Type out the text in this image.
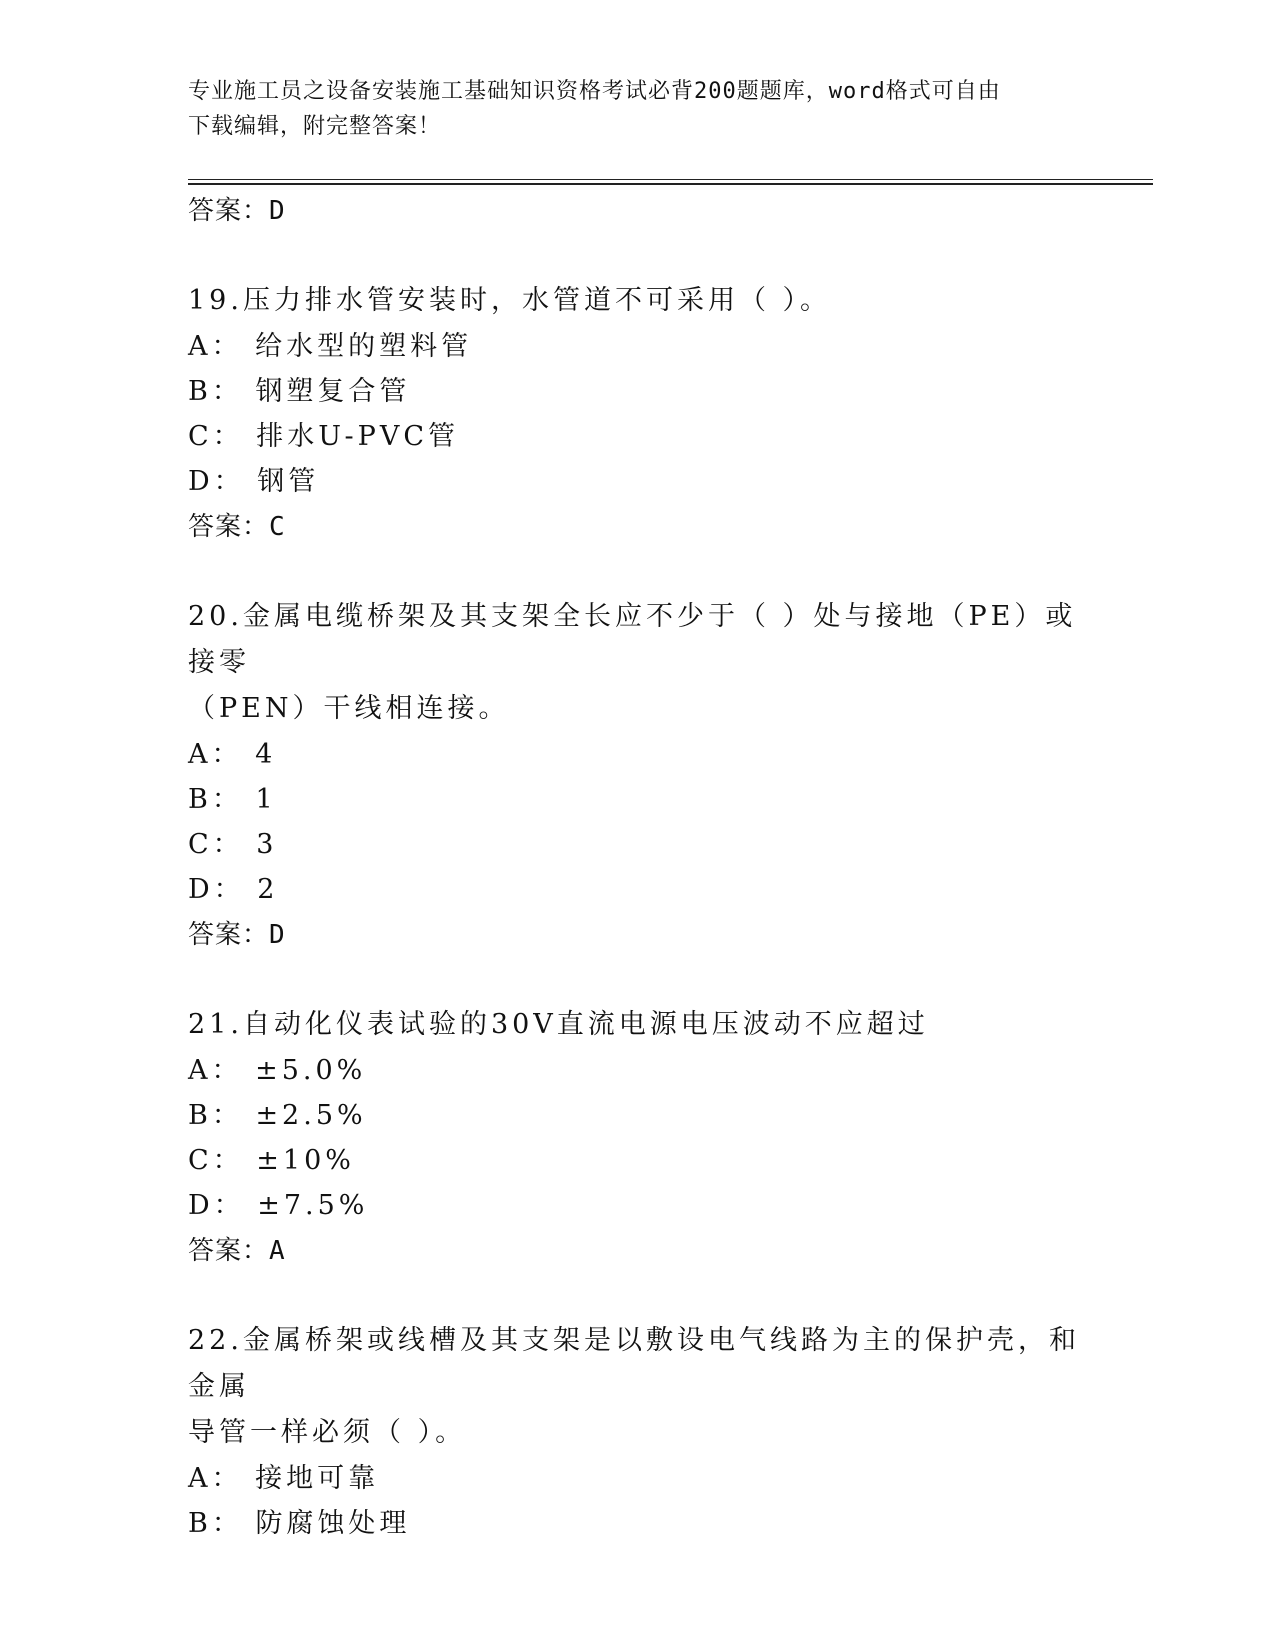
专业施工员之设备安装施工基础知识资格考试必背200题题库，word格式可自由
下载编辑，附完整答案！
答案：D
19.压力排水管安装时，水管道不可采用（ ）。
A： 给水型的塑料管
B： 钢塑复合管
C： 排水U-PVC管
D： 钢管
答案：C
20.金属电缆桥架及其支架全长应不少于（ ）处与接地（PE）或接零
（PEN）干线相连接。
A： 4
B： 1
C： 3
D： 2
答案：D
21.自动化仪表试验的30V直流电源电压波动不应超过
A： ±5.0%
B： ±2.5%
C： ±10%
D： ±7.5%
答案：A
22.金属桥架或线槽及其支架是以敷设电气线路为主的保护壳，和金属
导管一样必须（ ）。
A： 接地可靠
B： 防腐蚀处理
